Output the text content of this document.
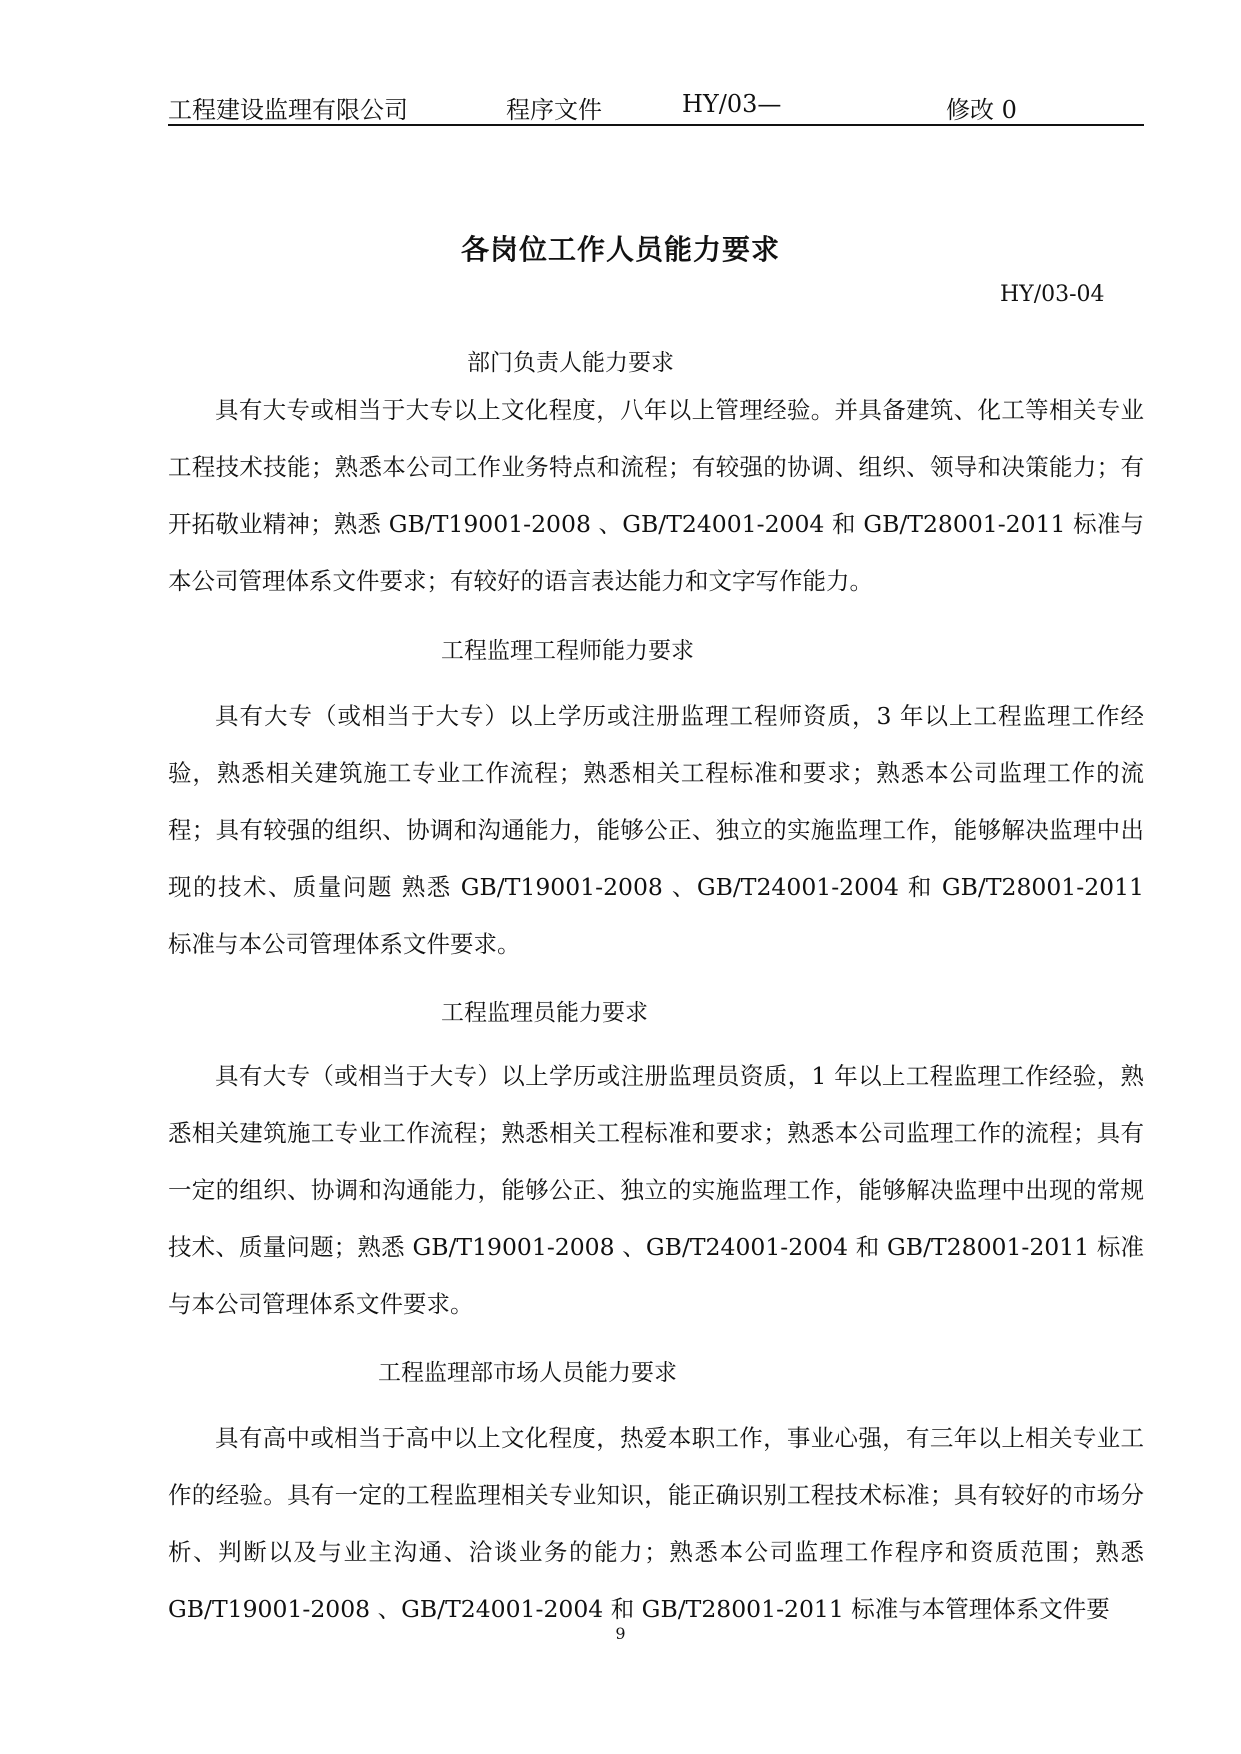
工程建设监理有限公司	程序文件	HY/03—	修改 0
各岗位工作人员能力要求
HY/03-04
部门负责人能力要求

具有大专或相当于大专以上文化程度，八年以上管理经验。并具备建筑、化工等相关专业工程技术技能；熟悉本公司工作业务特点和流程；有较强的协调、组织、领导和决策能力；有开拓敬业精神；熟悉 GB/T19001-2008 、GB/T24001-2004 和 GB/T28001-2011 标准与本公司管理体系文件要求；有较好的语言表达能力和文字写作能力。

工程监理工程师能力要求

具有大专（或相当于大专）以上学历或注册监理工程师资质，3 年以上工程监理工作经验，熟悉相关建筑施工专业工作流程；熟悉相关工程标准和要求；熟悉本公司监理工作的流程；具有较强的组织、协调和沟通能力，能够公正、独立的实施监理工作，能够解决监理中出现的技术、质量问题 熟悉 GB/T19001-2008 、GB/T24001-2004 和 GB/T28001-2011 标准与本公司管理体系文件要求。

工程监理员能力要求

具有大专（或相当于大专）以上学历或注册监理员资质，1 年以上工程监理工作经验，熟悉相关建筑施工专业工作流程；熟悉相关工程标准和要求；熟悉本公司监理工作的流程；具有一定的组织、协调和沟通能力，能够公正、独立的实施监理工作，能够解决监理中出现的常规技术、质量问题；熟悉 GB/T19001-2008 、GB/T24001-2004 和 GB/T28001-2011 标准与本公司管理体系文件要求。

工程监理部市场人员能力要求

具有高中或相当于高中以上文化程度，热爱本职工作，事业心强，有三年以上相关专业工作的经验。具有一定的工程监理相关专业知识，能正确识别工程技术标准；具有较好的市场分析、判断以及与业主沟通、洽谈业务的能力；熟悉本公司监理工作程序和资质范围；熟悉 GB/T19001-2008 、GB/T24001-2004 和 GB/T28001-2011 标准与本管理体系文件要

9
